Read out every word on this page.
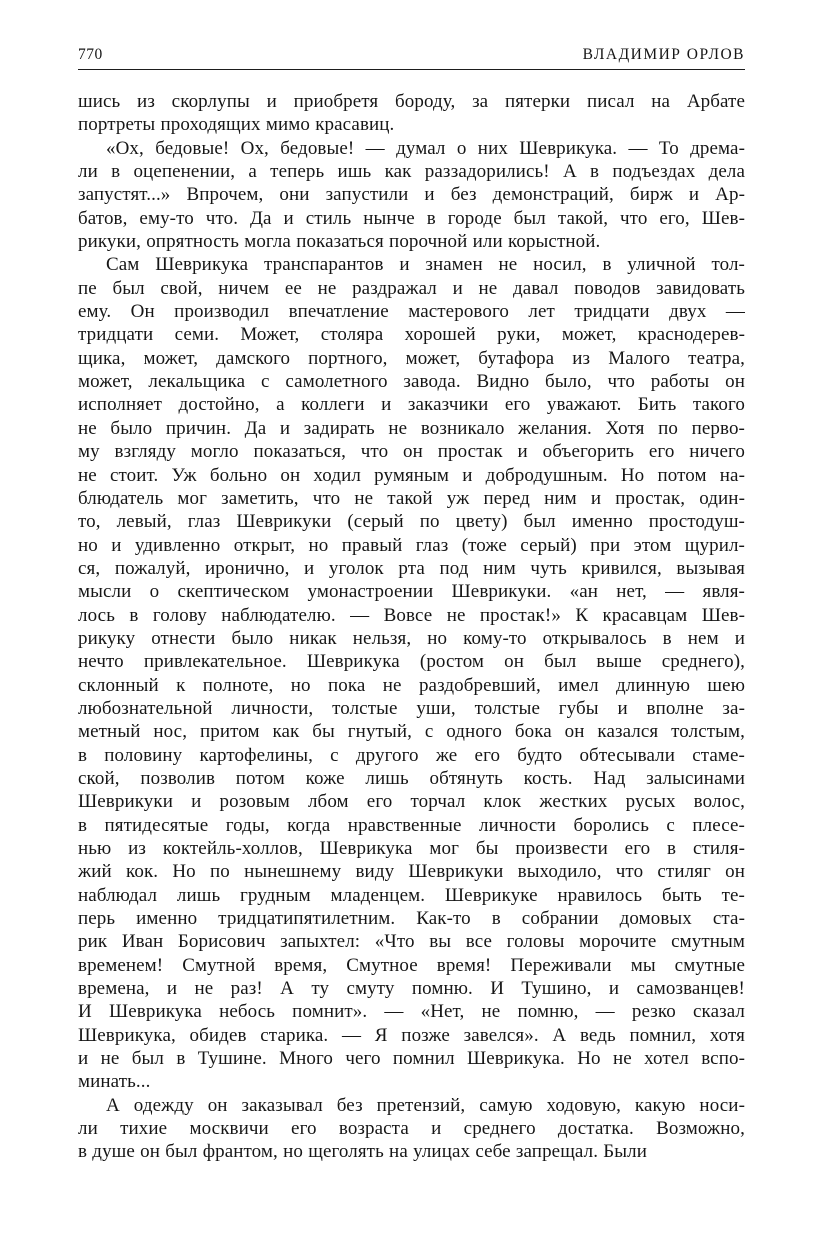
770	ВЛАДИМИР ОРЛОВ
шись из скорлупы и приобретя бороду, за пятерки писал на Арбате
портреты проходящих мимо красавиц.
«Ох, бедовые! Ох, бедовые! — думал о них Шеврикука. — То дрема-
ли в оцепенении, а теперь ишь как раззадорились! А в подъездах дела
запустят...» Впрочем, они запустили и без демонстраций, бирж и Ар-
батов, ему-то что. Да и стиль нынче в городе был такой, что его, Шев-
рикуки, опрятность могла показаться порочной или корыстной.
Сам Шеврикука транспарантов и знамен не носил, в уличной тол-
пе был свой, ничем ее не раздражал и не давал поводов завидовать
ему. Он производил впечатление мастерового лет тридцати двух —
тридцати семи. Может, столяра хорошей руки, может, краснодерев-
щика, может, дамского портного, может, бутафора из Малого театра,
может, лекальщика с самолетного завода. Видно было, что работы он
исполняет достойно, а коллеги и заказчики его уважают. Бить такого
не было причин. Да и задирать не возникало желания. Хотя по перво-
му взгляду могло показаться, что он простак и объегорить его ничего
не стоит. Уж больно он ходил румяным и добродушным. Но потом на-
блюдатель мог заметить, что не такой уж перед ним и простак, один-
то, левый, глаз Шеврикуки (серый по цвету) был именно простодуш-
но и удивленно открыт, но правый глаз (тоже серый) при этом щурил-
ся, пожалуй, иронично, и уголок рта под ним чуть кривился, вызывая
мысли о скептическом умонастроении Шеврикуки. «ан нет, — явля-
лось в голову наблюдателю. — Вовсе не простак!» К красавцам Шев-
рикуку отнести было никак нельзя, но кому-то открывалось в нем и
нечто привлекательное. Шеврикука (ростом он был выше среднего),
склонный к полноте, но пока не раздобревший, имел длинную шею
любознательной личности, толстые уши, толстые губы и вполне за-
метный нос, притом как бы гнутый, с одного бока он казался толстым,
в половину картофелины, с другого же его будто обтесывали стаме-
ской, позволив потом коже лишь обтянуть кость. Над залысинами
Шеврикуки и розовым лбом его торчал клок жестких русых волос,
в пятидесятые годы, когда нравственные личности боролись с плесе-
нью из коктейль-холлов, Шеврикука мог бы произвести его в стиля-
жий кок. Но по нынешнему виду Шеврикуки выходило, что стиляг он
наблюдал лишь грудным младенцем. Шеврикуке нравилось быть те-
перь именно тридцатипятилетним. Как-то в собрании домовых ста-
рик Иван Борисович запыхтел: «Что вы все головы морочите смутным
временем! Смутной время, Смутное время! Переживали мы смутные
времена, и не раз! А ту смуту помню. И Тушино, и самозванцев!
И Шеврикука небось помнит». — «Нет, не помню, — резко сказал
Шеврикука, обидев старика. — Я позже завелся». А ведь помнил, хотя
и не был в Тушине. Много чего помнил Шеврикука. Но не хотел вспо-
минать...
А одежду он заказывал без претензий, самую ходовую, какую носи-
ли тихие москвичи его возраста и среднего достатка. Возможно,
в душе он был франтом, но щеголять на улицах себе запрещал. Были
